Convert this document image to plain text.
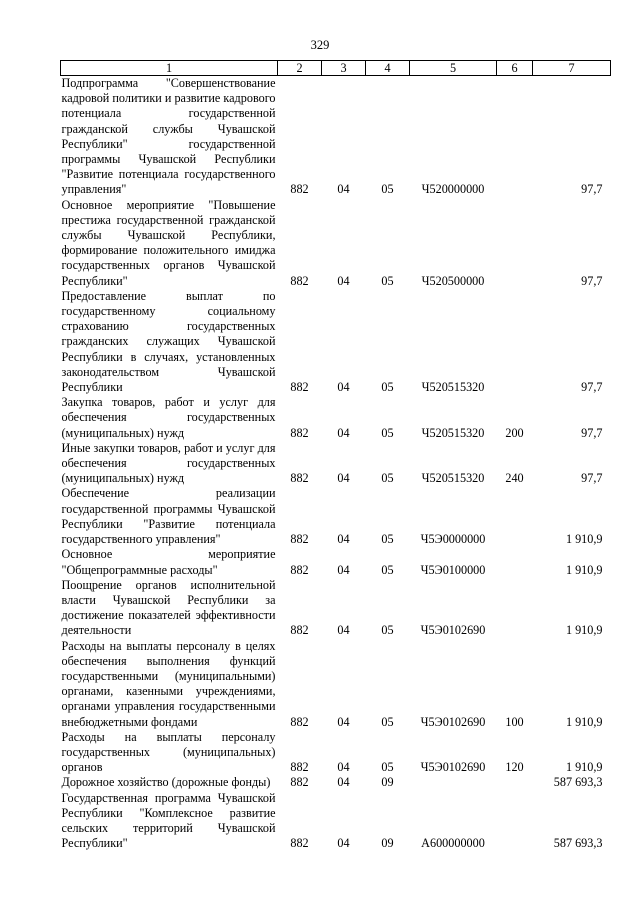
329
1	2	3	4	5	6	7
Подпрограмма "Совершенствование кадровой политики и развитие кадрового потенциала государственной гражданской службы Чувашской Республики" государственной программы Чувашской Республики "Развитие потенциала государственного управления"	882	04	05	Ч520000000		97,7
Основное мероприятие "Повышение престижа государственной гражданской службы Чувашской Республики, формирование положительного имиджа государственных органов Чувашской Республики"	882	04	05	Ч520500000		97,7
Предоставление выплат по государственному социальному страхованию государственных гражданских служащих Чувашской Республики в случаях, установленных законодательством Чувашской Республики	882	04	05	Ч520515320		97,7
Закупка товаров, работ и услуг для обеспечения государственных (муниципальных) нужд	882	04	05	Ч520515320	200	97,7
Иные закупки товаров, работ и услуг для обеспечения государственных (муниципальных) нужд	882	04	05	Ч520515320	240	97,7
Обеспечение реализации государственной программы Чувашской Республики "Развитие потенциала государственного управления"	882	04	05	Ч5Э0000000		1 910,9
Основное мероприятие "Общепрограммные расходы"	882	04	05	Ч5Э0100000		1 910,9
Поощрение органов исполнительной власти Чувашской Республики за достижение показателей эффективности деятельности	882	04	05	Ч5Э0102690		1 910,9
Расходы на выплаты персоналу в целях обеспечения выполнения функций государственными (муниципальными) органами, казенными учреждениями, органами управления государственными внебюджетными фондами	882	04	05	Ч5Э0102690	100	1 910,9
Расходы на выплаты персоналу государственных (муниципальных) органов	882	04	05	Ч5Э0102690	120	1 910,9
Дорожное хозяйство (дорожные фонды)	882	04	09			587 693,3
Государственная программа Чувашской Республики "Комплексное развитие сельских территорий Чувашской Республики"	882	04	09	А600000000		587 693,3
